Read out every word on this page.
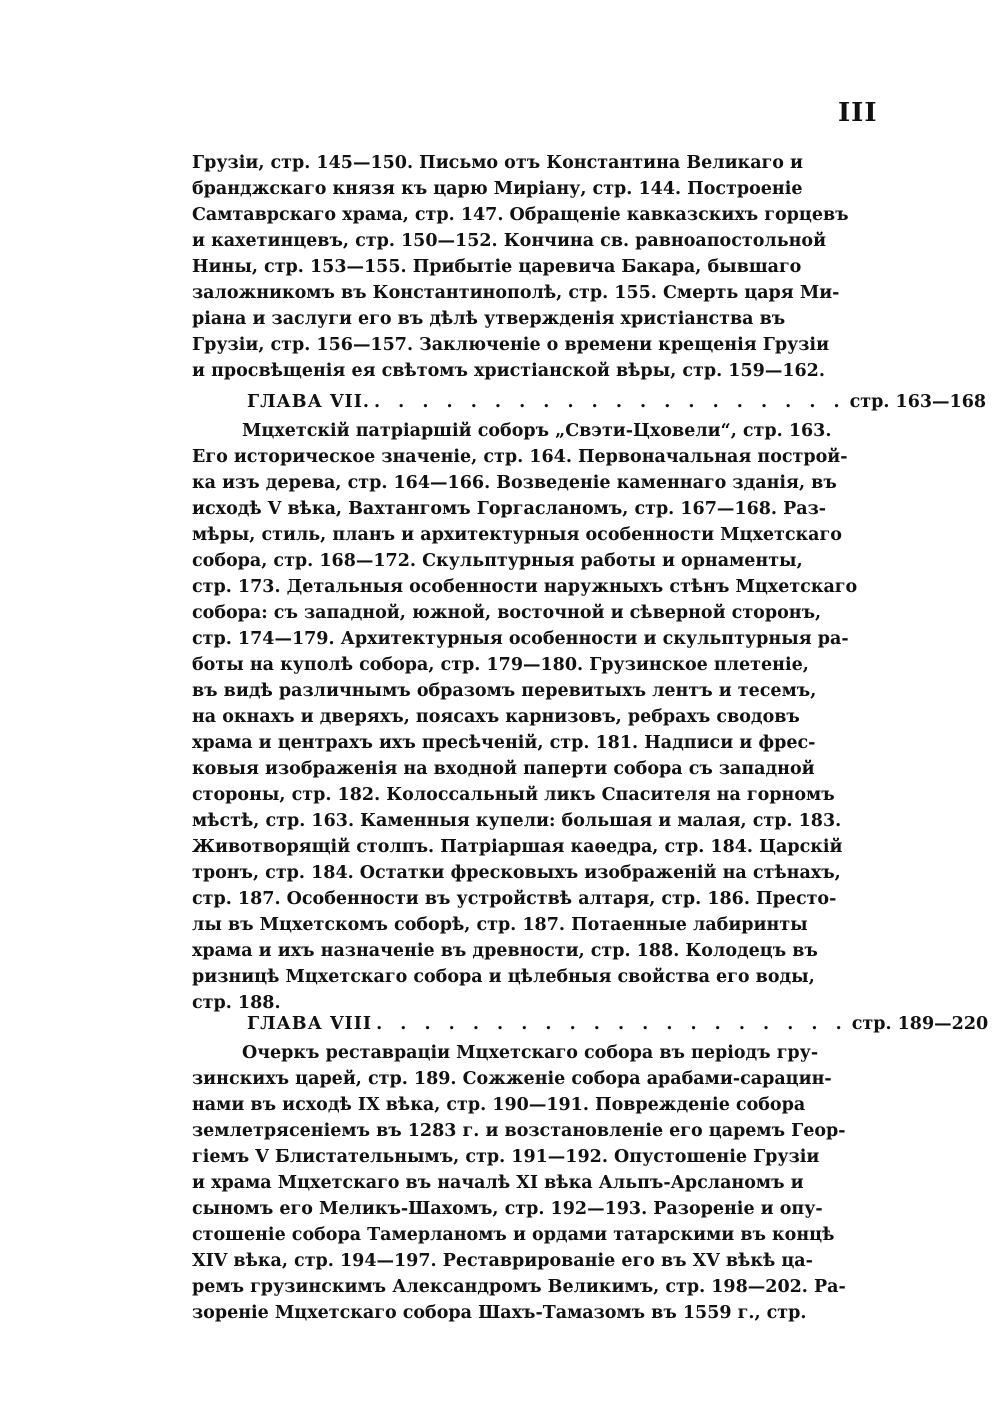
III
Грузіи, стр. 145—150. Письмо отъ Константина Великаго и
бранджскаго князя къ царю Миріану, стр. 144. Построеніе
Самтаврскаго храма, стр. 147. Обращеніе кавказскихъ горцевъ
и кахетинцевъ, стр. 150—152. Кончина св. равноапостольной
Нины, стр. 153—155. Прибытіе царевича Бакара, бывшаго
заложникомъ въ Константинополѣ, стр. 155. Смерть царя Ми-
ріана и заслуги его въ дѣлѣ утвержденія христіанства въ
Грузіи, стр. 156—157. Заключеніе о времени крещенія Грузіи
и просвѣщенія ея свѣтомъ христіанской вѣры, стр. 159—162.
ГЛАВА VII. . . . . . . . . . . . . . . . . . . . . стр. 163—168
Мцхетскій патріаршій соборъ „Свэти-Цховели“, стр. 163.
Его историческое значеніе, стр. 164. Первоначальная построй-
ка изъ дерева, стр. 164—166. Возведеніе каменнаго зданія, въ
исходѣ V вѣка, Вахтангомъ Горгасланомъ, стр. 167—168. Раз-
мѣры, стиль, планъ и архитектурныя особенности Мцхетскаго
собора, стр. 168—172. Скульптурныя работы и орнаменты,
стр. 173. Детальныя особенности наружныхъ стѣнъ Мцхетскаго
собора: съ западной, южной, восточной и сѣверной сторонъ,
стр. 174—179. Архитектурныя особенности и скульптурныя ра-
боты на куполѣ собора, стр. 179—180. Грузинское плетеніе,
въ видѣ различнымъ образомъ перевитыхъ лентъ и тесемъ,
на окнахъ и дверяхъ, поясахъ карнизовъ, ребрахъ сводовъ
храма и центрахъ ихъ пресѣченій, стр. 181. Надписи и фрес-
ковыя изображенія на входной паперти собора съ западной
стороны, стр. 182. Колоссальный ликъ Спасителя на горномъ
мѣстѣ, стр. 163. Каменныя купели: большая и малая, стр. 183.
Животворящій столпъ. Патріаршая каѳедра, стр. 184. Царскій
тронъ, стр. 184. Остатки фресковыхъ изображеній на стѣнахъ,
стр. 187. Особенности въ устройствѣ алтаря, стр. 186. Престо-
лы въ Мцхетскомъ соборѣ, стр. 187. Потаенные лабиринты
храма и ихъ назначеніе въ древности, стр. 188. Колодецъ въ
ризницѣ Мцхетскаго собора и цѣлебныя свойства его воды,
стр. 188.
ГЛАВА VIII . . . . . . . . . . . . . . . . . . . . стр. 189—220
Очеркъ реставраціи Мцхетскаго собора въ періодъ гру-
зинскихъ царей, стр. 189. Сожженіе собора арабами-сарацин-
нами въ исходѣ IX вѣка, стр. 190—191. Поврежденіе собора
землетрясеніемъ въ 1283 г. и возстановленіе его царемъ Геор-
гіемъ V Блистательнымъ, стр. 191—192. Опустошеніе Грузіи
и храма Мцхетскаго въ началѣ XI вѣка Альпъ-Арсланомъ и
сыномъ его Меликъ-Шахомъ, стр. 192—193. Разореніе и опу-
стошеніе собора Тамерланомъ и ордами татарскими въ концѣ
XIV вѣка, стр. 194—197. Реставрированіе его въ XV вѣкѣ ца-
ремъ грузинскимъ Александромъ Великимъ, стр. 198—202. Ра-
зореніе Мцхетскаго собора Шахъ-Тамазомъ въ 1559 г., стр.
